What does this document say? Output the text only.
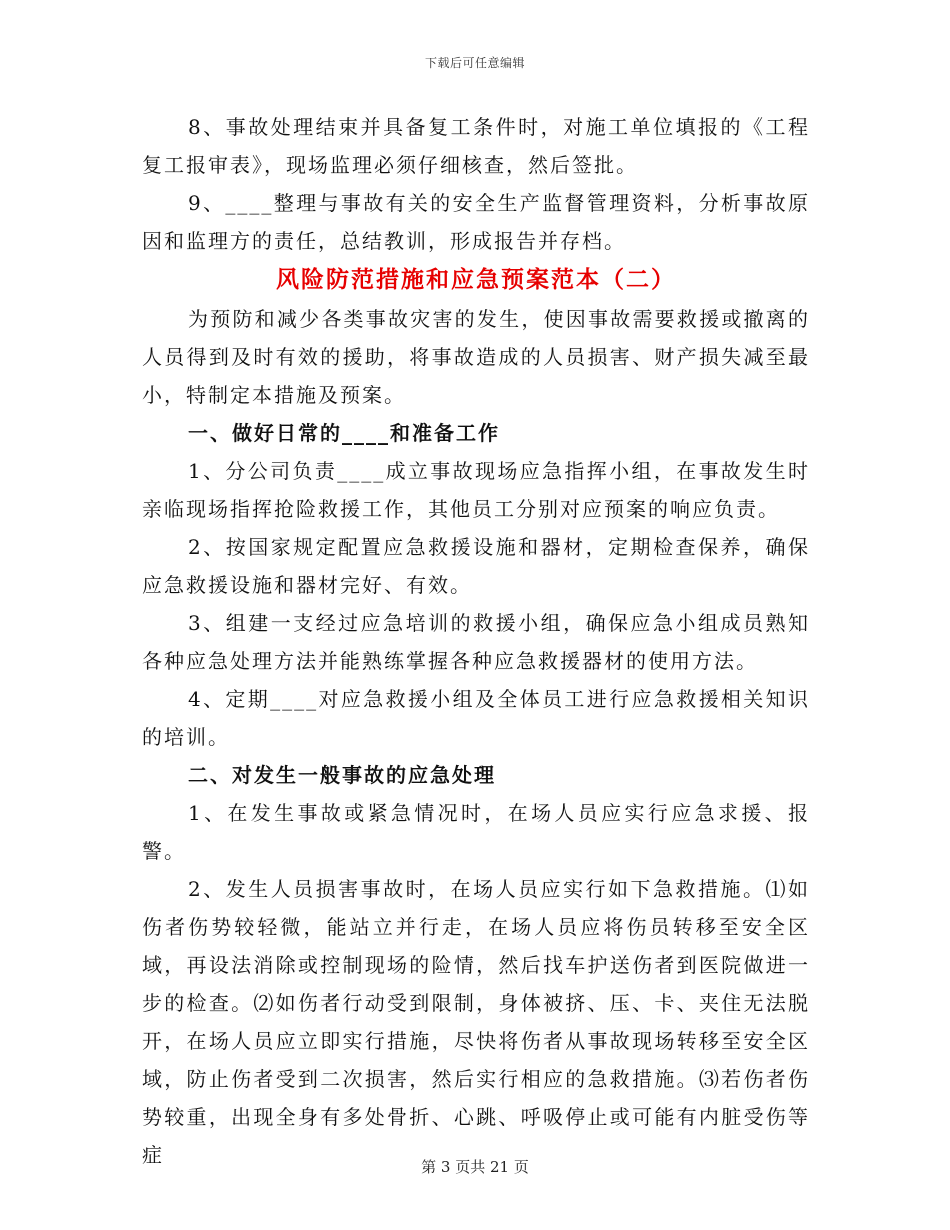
下载后可任意编辑

8、事故处理结束并具备复工条件时，对施工单位填报的《工程复工报审表》，现场监理必须仔细核查，然后签批。

9、____整理与事故有关的安全生产监督管理资料，分析事故原因和监理方的责任，总结教训，形成报告并存档。

风险防范措施和应急预案范本（二）

为预防和减少各类事故灾害的发生，使因事故需要救援或撤离的人员得到及时有效的援助，将事故造成的人员损害、财产损失减至最小，特制定本措施及预案。

一、做好日常的____和准备工作

1、分公司负责____成立事故现场应急指挥小组，在事故发生时亲临现场指挥抢险救援工作，其他员工分别对应预案的响应负责。

2、按国家规定配置应急救援设施和器材，定期检查保养，确保应急救援设施和器材完好、有效。

3、组建一支经过应急培训的救援小组，确保应急小组成员熟知各种应急处理方法并能熟练掌握各种应急救援器材的使用方法。

4、定期____对应急救援小组及全体员工进行应急救援相关知识的培训。

二、对发生一般事故的应急处理

1、在发生事故或紧急情况时，在场人员应实行应急求援、报警。

2、发生人员损害事故时，在场人员应实行如下急救措施。⑴如伤者伤势较轻微，能站立并行走，在场人员应将伤员转移至安全区域，再设法消除或控制现场的险情，然后找车护送伤者到医院做进一步的检查。⑵如伤者行动受到限制，身体被挤、压、卡、夹住无法脱开，在场人员应立即实行措施，尽快将伤者从事故现场转移至安全区域，防止伤者受到二次损害，然后实行相应的急救措施。⑶若伤者伤势较重，出现全身有多处骨折、心跳、呼吸停止或可能有内脏受伤等症	第 3 页共 21 页
